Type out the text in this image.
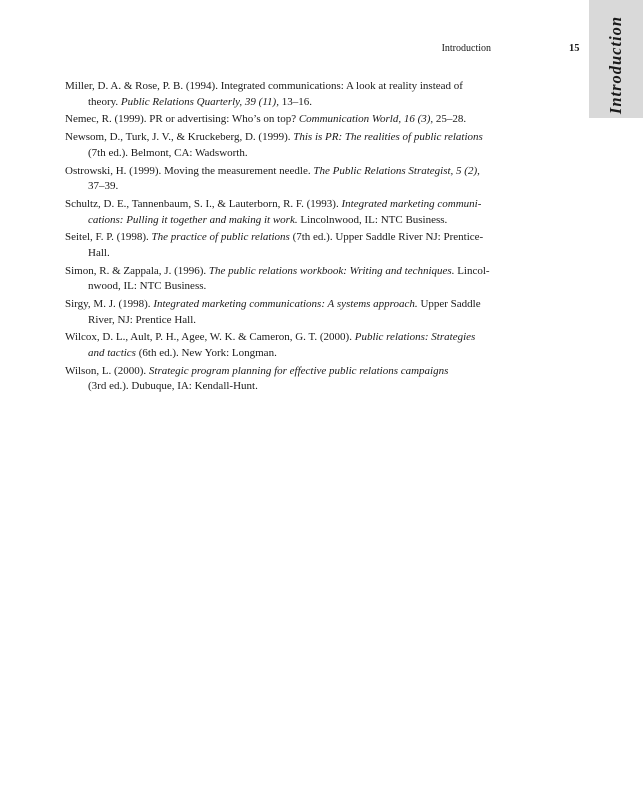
Introduction	15 Introduction
Miller, D. A. & Rose, P. B. (1994). Integrated communications: A look at reality instead of
theory. Public Relations Quarterly, 39 (11), 13–16.
Nemec, R. (1999). PR or advertising: Who’s on top? Communication World, 16 (3), 25–28.
Newsom, D., Turk, J. V., & Kruckeberg, D. (1999). This is PR: The realities of public relations
(7th ed.). Belmont, CA: Wadsworth.
Ostrowski, H. (1999). Moving the measurement needle. The Public Relations Strategist, 5 (2),
37–39.
Schultz, D. E., Tannenbaum, S. I., & Lauterborn, R. F. (1993). Integrated marketing communi-
cations: Pulling it together and making it work. Lincolnwood, IL: NTC Business.
Seitel, F. P. (1998). The practice of public relations (7th ed.). Upper Saddle River NJ: Prentice-
Hall.
Simon, R. & Zappala, J. (1996). The public relations workbook: Writing and techniques. Lincol-
nwood, IL: NTC Business.
Sirgy, M. J. (1998). Integrated marketing communications: A systems approach. Upper Saddle
River, NJ: Prentice Hall.
Wilcox, D. L., Ault, P. H., Agee, W. K. & Cameron, G. T. (2000). Public relations: Strategies
and tactics (6th ed.). New York: Longman.
Wilson, L. (2000). Strategic program planning for effective public relations campaigns
(3rd ed.). Dubuque, IA: Kendall-Hunt.
